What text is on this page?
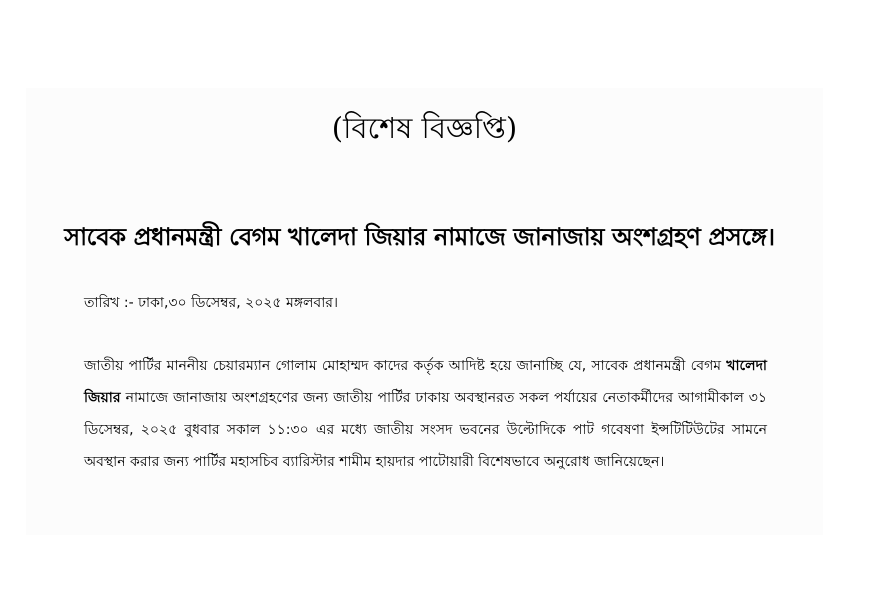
(বিশেষ বিজ্ঞপ্তি)
সাবেক প্রধানমন্ত্রী বেগম খালেদা জিয়ার নামাজে জানাজায় অংশগ্রহণ প্রসঙ্গে।
তারিখ :- ঢাকা,৩০ ডিসেম্বর, ২০২৫ মঙ্গলবার।
জাতীয় পার্টির মাননীয় চেয়ারম্যান গোলাম মোহাম্মদ কাদের কর্তৃক আদিষ্ট হয়ে জানাচ্ছি যে, সাবেক প্রধানমন্ত্রী বেগম খালেদা জিয়ার নামাজে জানাজায় অংশগ্রহণের জন্য জাতীয় পার্টির ঢাকায় অবস্থানরত সকল পর্যায়ের নেতাকর্মীদের আগামীকাল ৩১ ডিসেম্বর, ২০২৫ বুধবার সকাল ১১:৩০ এর মধ্যে জাতীয় সংসদ ভবনের উল্টোদিকে পাট গবেষণা ইন্সটিটিউটের সামনে অবস্থান করার জন্য পার্টির মহাসচিব ব্যারিস্টার শামীম হায়দার পাটোয়ারী বিশেষভাবে অনুরোধ জানিয়েছেন।
